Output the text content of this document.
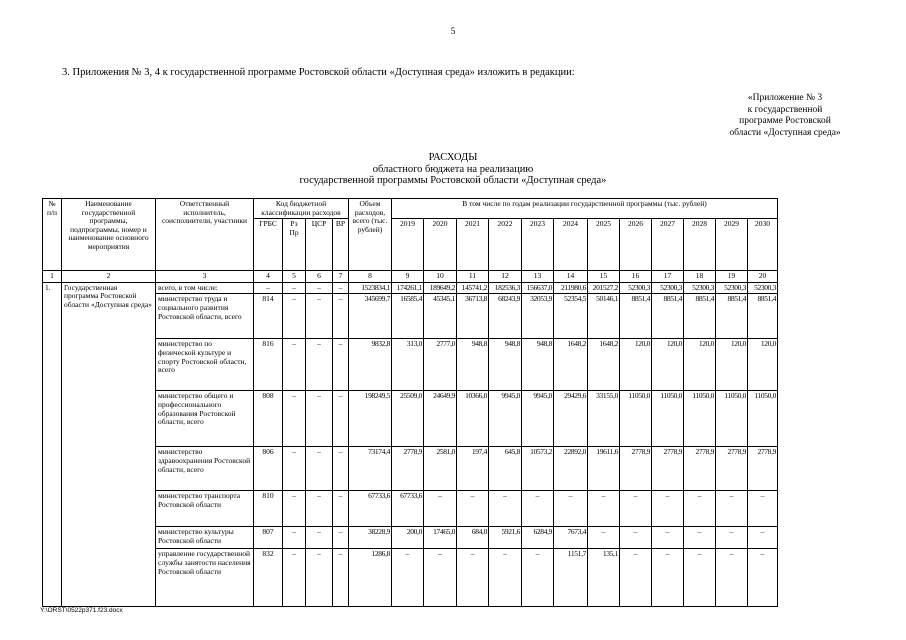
5
3. Приложения № 3, 4 к государственной программе Ростовской области «Доступная среда» изложить в редакции:
«Приложение № 3
к государственной
программе Ростовской
области «Доступная среда»
РАСХОДЫ
областного бюджета на реализацию
государственной программы Ростовской области «Доступная среда»
№ п/п	Наименование государственной программы, подпрограммы, номер и наименование основного мероприятия	Ответственный исполнитель, соисполнители, участники	Код бюджетной классификации расходов				Объем расходов, всего (тыс. рублей)	В том числе по годам реализации государственной программы (тыс. рублей)											
			ГРБС	Рз Пр	ЦСР	ВР		2019	2020	2021	2022	2023	2024	2025	2026	2027	2028	2029	2030
1	2	3	4	5	6	7	8	9	10	11	12	13	14	15	16	17	18	19	20
1.	Государственная программа Ростовской области «Доступная среда»	всего, в том числе:	–	–	–	–	1523834,1	174261,1	189649,2	145741,2	182536,3	156637,0	211980,6	201527,2	52300,3	52300,3	52300,3	52300,3	52300,3
		министерство труда и социального развития Ростовской области, всего	814	–	–	–	345699,7	16585,4	45345,1	36713,8	68243,9	32053,9	52354,5	50146,1	8851,4	8851,4	8851,4	8851,4	8851,4
		министерство по физической культуре и спорту Ростовской области, всего	816	–	–	–	9832,8	313,0	2777,0	948,8	948,8	948,8	1648,2	1648,2	120,0	120,0	120,0	120,0	120,0
		министерство общего и профессионального образования Ростовской области, всего	808	–	–	–	198249,5	25509,0	24649,9	10366,0	9945,0	9945,0	29429,6	33155,0	11050,0	11050,0	11050,0	11050,0	11050,0
		министерство здравоохранения Ростовской области, всего	806	–	–	–	73174,4	2778,9	2581,0	197,4	645,8	10573,2	22892,0	19611,6	2778,9	2778,9	2778,9	2778,9	2778,9
		министерство транспорта Ростовской области	810	–	–	–	67733,6	67733,6	–	–	–	–	–	–	–	–	–	–	–
		министерство культуры Ростовской области	807	–	–	–	38228,9	200,0	17465,0	684,0	5921,6	6284,9	7673,4	–	–	–	–	–	–
		управление государственной службы занятости населения Ростовской области	832	–	–	–	1286,8	–	–	–	–	–	1151,7	135,1	–	–	–	–	–
Y:\ORST\0522p371.f23.docx
